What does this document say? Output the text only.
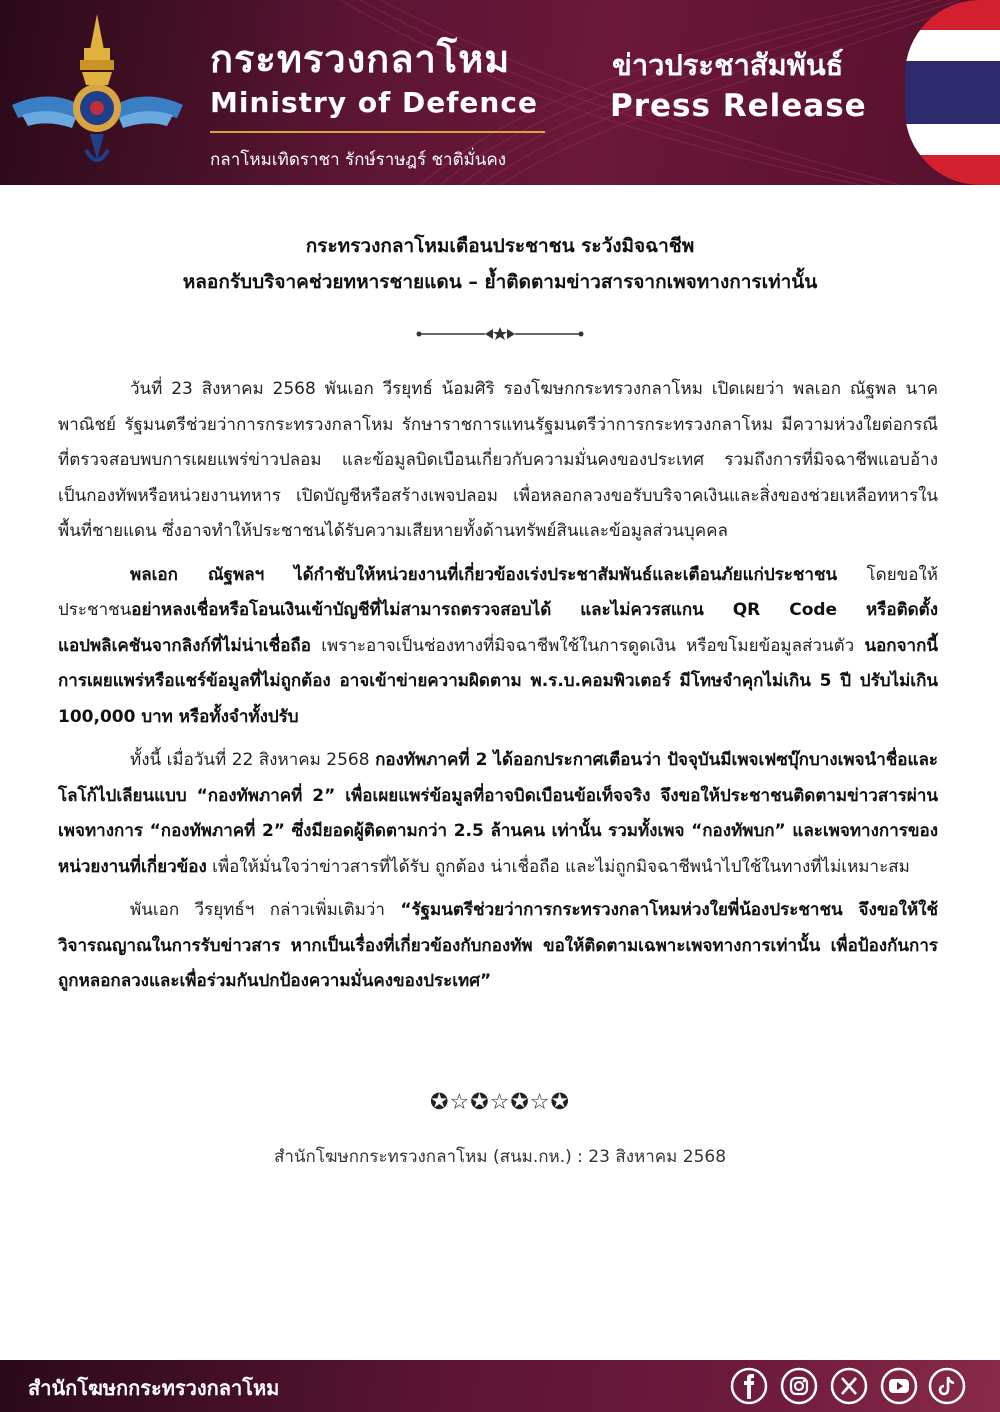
กระทรวงกลาโหม
Ministry of Defence
กลาโหมเทิดราชา รักษ์ราษฎร์ ชาติมั่นคง
ข่าวประชาสัมพันธ์
Press Release
กระทรวงกลาโหมเตือนประชาชน ระวังมิจฉาชีพ
หลอกรับบริจาคช่วยทหารชายแดน – ย้ำติดตามข่าวสารจากเพจทางการเท่านั้น

วันที่ 23 สิงหาคม 2568 พันเอก วีรยุทธ์ น้อมศิริ รองโฆษกกระทรวงกลาโหม เปิดเผยว่า พลเอก ณัฐพล นาคพาณิชย์ รัฐมนตรีช่วยว่าการกระทรวงกลาโหม รักษาราชการแทนรัฐมนตรีว่าการกระทรวงกลาโหม มีความห่วงใยต่อกรณีที่ตรวจสอบพบการเผยแพร่ข่าวปลอม และข้อมูลบิดเบือนเกี่ยวกับความมั่นคงของประเทศ รวมถึงการที่มิจฉาชีพแอบอ้างเป็นกองทัพหรือหน่วยงานทหาร เปิดบัญชีหรือสร้างเพจปลอม เพื่อหลอกลวงขอรับบริจาคเงินและสิ่งของช่วยเหลือทหารในพื้นที่ชายแดน ซึ่งอาจทำให้ประชาชนได้รับความเสียหายทั้งด้านทรัพย์สินและข้อมูลส่วนบุคคล

พลเอก ณัฐพลฯ ได้กำชับให้หน่วยงานที่เกี่ยวข้องเร่งประชาสัมพันธ์และเตือนภัยแก่ประชาชน โดยขอให้ประชาชนอย่าหลงเชื่อหรือโอนเงินเข้าบัญชีที่ไม่สามารถตรวจสอบได้ และไม่ควรสแกน QR Code หรือติดตั้งแอปพลิเคชันจากลิงก์ที่ไม่น่าเชื่อถือ เพราะอาจเป็นช่องทางที่มิจฉาชีพใช้ในการดูดเงิน หรือขโมยข้อมูลส่วนตัว นอกจากนี้การเผยแพร่หรือแชร์ข้อมูลที่ไม่ถูกต้อง อาจเข้าข่ายความผิดตาม พ.ร.บ.คอมพิวเตอร์ มีโทษจำคุกไม่เกิน 5 ปี ปรับไม่เกิน 100,000 บาท หรือทั้งจำทั้งปรับ

ทั้งนี้ เมื่อวันที่ 22 สิงหาคม 2568 กองทัพภาคที่ 2 ได้ออกประกาศเตือนว่า ปัจจุบันมีเพจเฟซบุ๊กบางเพจนำชื่อและโลโก้ไปเลียนแบบ “กองทัพภาคที่ 2” เพื่อเผยแพร่ข้อมูลที่อาจบิดเบือนข้อเท็จจริง จึงขอให้ประชาชนติดตามข่าวสารผ่านเพจทางการ “กองทัพภาคที่ 2” ซึ่งมียอดผู้ติดตามกว่า 2.5 ล้านคน เท่านั้น รวมทั้งเพจ “กองทัพบก” และเพจทางการของหน่วยงานที่เกี่ยวข้อง เพื่อให้มั่นใจว่าข่าวสารที่ได้รับ ถูกต้อง น่าเชื่อถือ และไม่ถูกมิจฉาชีพนำไปใช้ในทางที่ไม่เหมาะสม

พันเอก วีรยุทธ์ฯ กล่าวเพิ่มเติมว่า “รัฐมนตรีช่วยว่าการกระทรวงกลาโหมห่วงใยพี่น้องประชาชน จึงขอให้ใช้วิจารณญาณในการรับข่าวสาร หากเป็นเรื่องที่เกี่ยวข้องกับกองทัพ ขอให้ติดตามเฉพาะเพจทางการเท่านั้น เพื่อป้องกันการถูกหลอกลวงและเพื่อร่วมกันปกป้องความมั่นคงของประเทศ”

✪☆✪☆✪☆✪
สำนักโฆษกกระทรวงกลาโหม (สนม.กห.) : 23 สิงหาคม 2568
สำนักโฆษกกระทรวงกลาโหม
